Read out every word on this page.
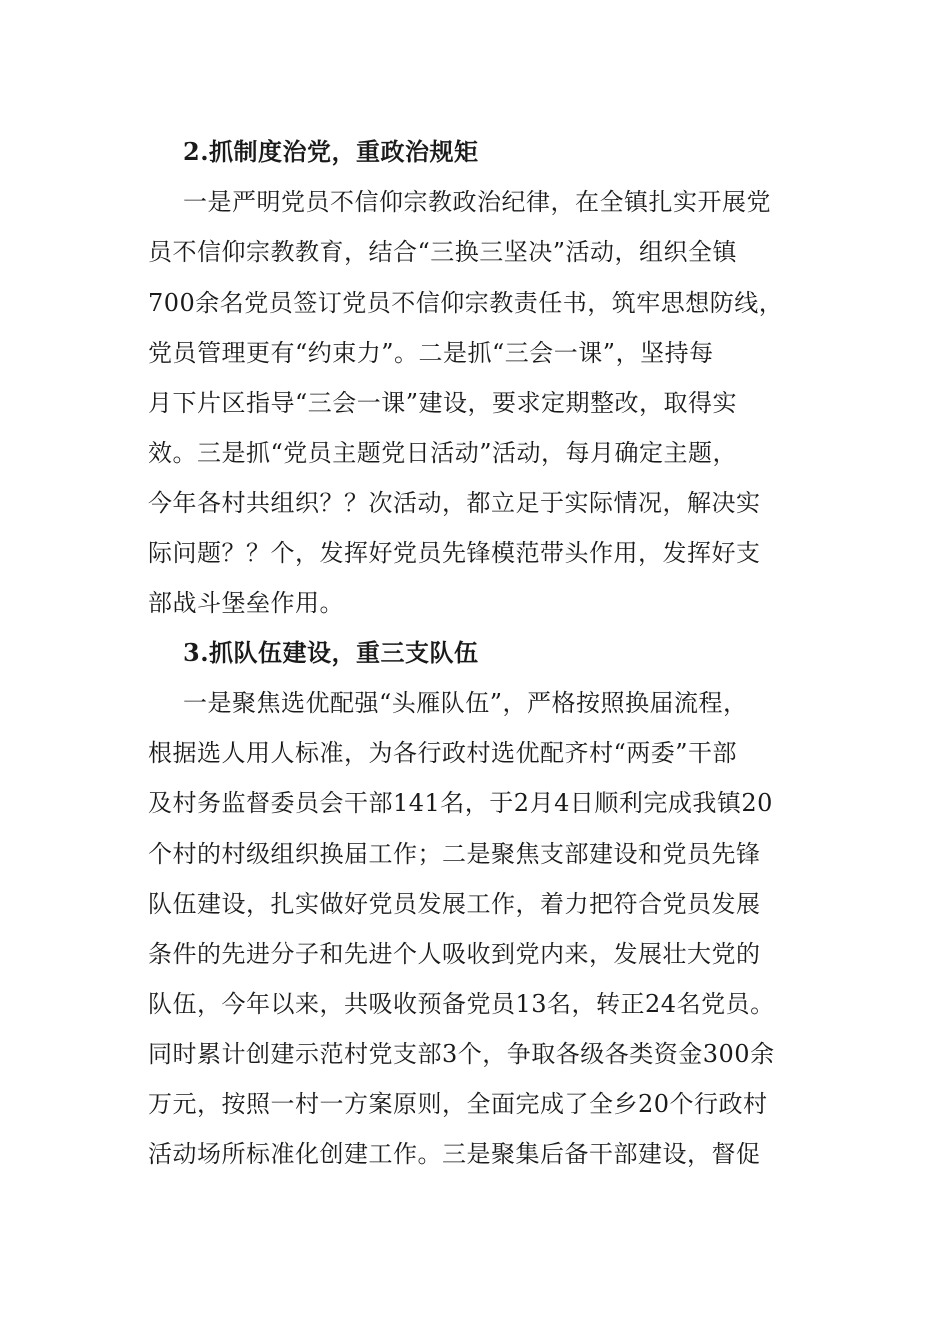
2.抓制度治党，重政治规矩
一是严明党员不信仰宗教政治纪律，在全镇扎实开展党
员不信仰宗教教育，结合“三换三坚决”活动，组织全镇
700余名党员签订党员不信仰宗教责任书，筑牢思想防线，
党员管理更有“约束力”。二是抓“三会一课”，坚持每
月下片区指导“三会一课”建设，要求定期整改，取得实
效。三是抓“党员主题党日活动”活动，每月确定主题，
今年各村共组织？？次活动，都立足于实际情况，解决实
际问题？？个，发挥好党员先锋模范带头作用，发挥好支
部战斗堡垒作用。
3.抓队伍建设，重三支队伍
一是聚焦选优配强“头雁队伍”，严格按照换届流程，
根据选人用人标准，为各行政村选优配齐村“两委”干部
及村务监督委员会干部141名，于2月4日顺利完成我镇20
个村的村级组织换届工作；二是聚焦支部建设和党员先锋
队伍建设，扎实做好党员发展工作，着力把符合党员发展
条件的先进分子和先进个人吸收到党内来，发展壮大党的
队伍，今年以来，共吸收预备党员13名，转正24名党员。
同时累计创建示范村党支部3个，争取各级各类资金300余
万元，按照一村一方案原则，全面完成了全乡20个行政村
活动场所标准化创建工作。三是聚集后备干部建设，督促
